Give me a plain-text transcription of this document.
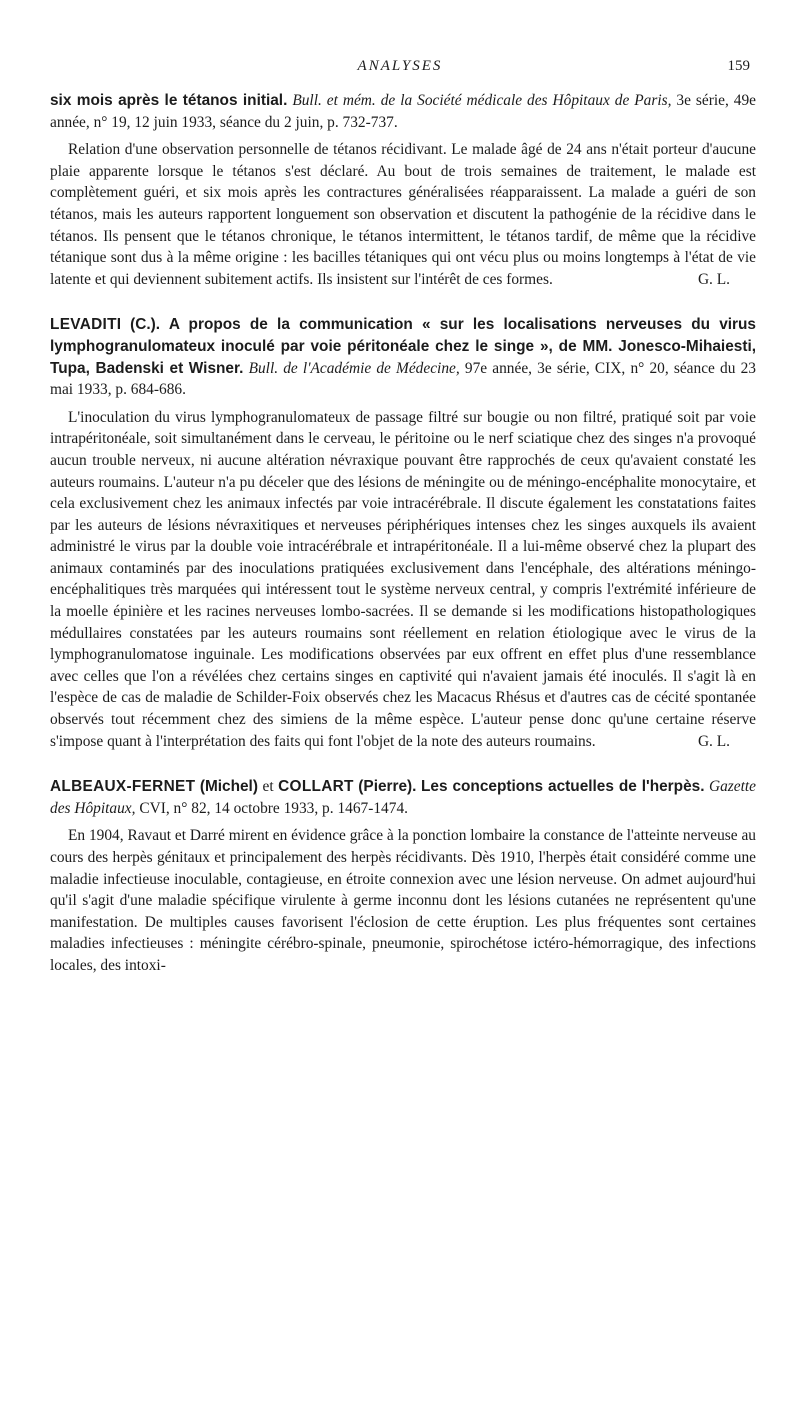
ANALYSES	159

six mois après le tétanos initial. Bull. et mém. de la Société médicale des Hôpitaux de Paris, 3e série, 49e année, n° 19, 12 juin 1933, séance du 2 juin, p. 732-737.

Relation d'une observation personnelle de tétanos récidivant. Le malade âgé de 24 ans n'était porteur d'aucune plaie apparente lorsque le tétanos s'est déclaré. Au bout de trois semaines de traitement, le malade est complètement guéri, et six mois après les contractures généralisées réapparaissent. La malade a guéri de son tétanos, mais les auteurs rapportent longuement son observation et discutent la pathogénie de la récidive dans le tétanos. Ils pensent que le tétanos chronique, le tétanos intermittent, le tétanos tardif, de même que la récidive tétanique sont dus à la même origine : les bacilles tétaniques qui ont vécu plus ou moins longtemps à l'état de vie latente et qui deviennent subitement actifs. Ils insistent sur l'intérêt de ces formes.	G. L.

LEVADITI (C.). A propos de la communication « sur les localisations nerveuses du virus lymphogranulomateux inoculé par voie péritonéale chez le singe », de MM. Jonesco-Mihaiesti, Tupa, Badenski et Wisner. Bull. de l'Académie de Médecine, 97e année, 3e série, CIX, n° 20, séance du 23 mai 1933, p. 684-686.

L'inoculation du virus lymphogranulomateux de passage filtré sur bougie ou non filtré, pratiqué soit par voie intrapéritonéale, soit simultanément dans le cerveau, le péritoine ou le nerf sciatique chez des singes n'a provoqué aucun trouble nerveux, ni aucune altération névraxique pouvant être rapprochés de ceux qu'avaient constaté les auteurs roumains. L'auteur n'a pu déceler que des lésions de méningite ou de méningo-encéphalite monocytaire, et cela exclusivement chez les animaux infectés par voie intracérébrale. Il discute également les constatations faites par les auteurs de lésions névraxitiques et nerveuses périphériques intenses chez les singes auxquels ils avaient administré le virus par la double voie intracérébrale et intrapéritonéale. Il a lui-même observé chez la plupart des animaux contaminés par des inoculations pratiquées exclusivement dans l'encéphale, des altérations méningo-encéphalitiques très marquées qui intéressent tout le système nerveux central, y compris l'extrémité inférieure de la moelle épinière et les racines nerveuses lombo-sacrées. Il se demande si les modifications histopathologiques médullaires constatées par les auteurs roumains sont réellement en relation étiologique avec le virus de la lymphogranulomatose inguinale. Les modifications observées par eux offrent en effet plus d'une ressemblance avec celles que l'on a révélées chez certains singes en captivité qui n'avaient jamais été inoculés. Il s'agit là en l'espèce de cas de maladie de Schilder-Foix observés chez les Macacus Rhésus et d'autres cas de cécité spontanée observés tout récemment chez des simiens de la même espèce. L'auteur pense donc qu'une certaine réserve s'impose quant à l'interprétation des faits qui font l'objet de la note des auteurs roumains.	G. L.

ALBEAUX-FERNET (Michel) et COLLART (Pierre). Les conceptions actuelles de l'herpès. Gazette des Hôpitaux, CVI, n° 82, 14 octobre 1933, p. 1467-1474.

En 1904, Ravaut et Darré mirent en évidence grâce à la ponction lombaire la constance de l'atteinte nerveuse au cours des herpès génitaux et principalement des herpès récidivants. Dès 1910, l'herpès était considéré comme une maladie infectieuse inoculable, contagieuse, en étroite connexion avec une lésion nerveuse. On admet aujourd'hui qu'il s'agit d'une maladie spécifique virulente à germe inconnu dont les lésions cutanées ne représentent qu'une manifestation. De multiples causes favorisent l'éclosion de cette éruption. Les plus fréquentes sont certaines maladies infectieuses : méningite cérébro-spinale, pneumonie, spirochétose ictéro-hémorragique, des infections locales, des intoxi-
